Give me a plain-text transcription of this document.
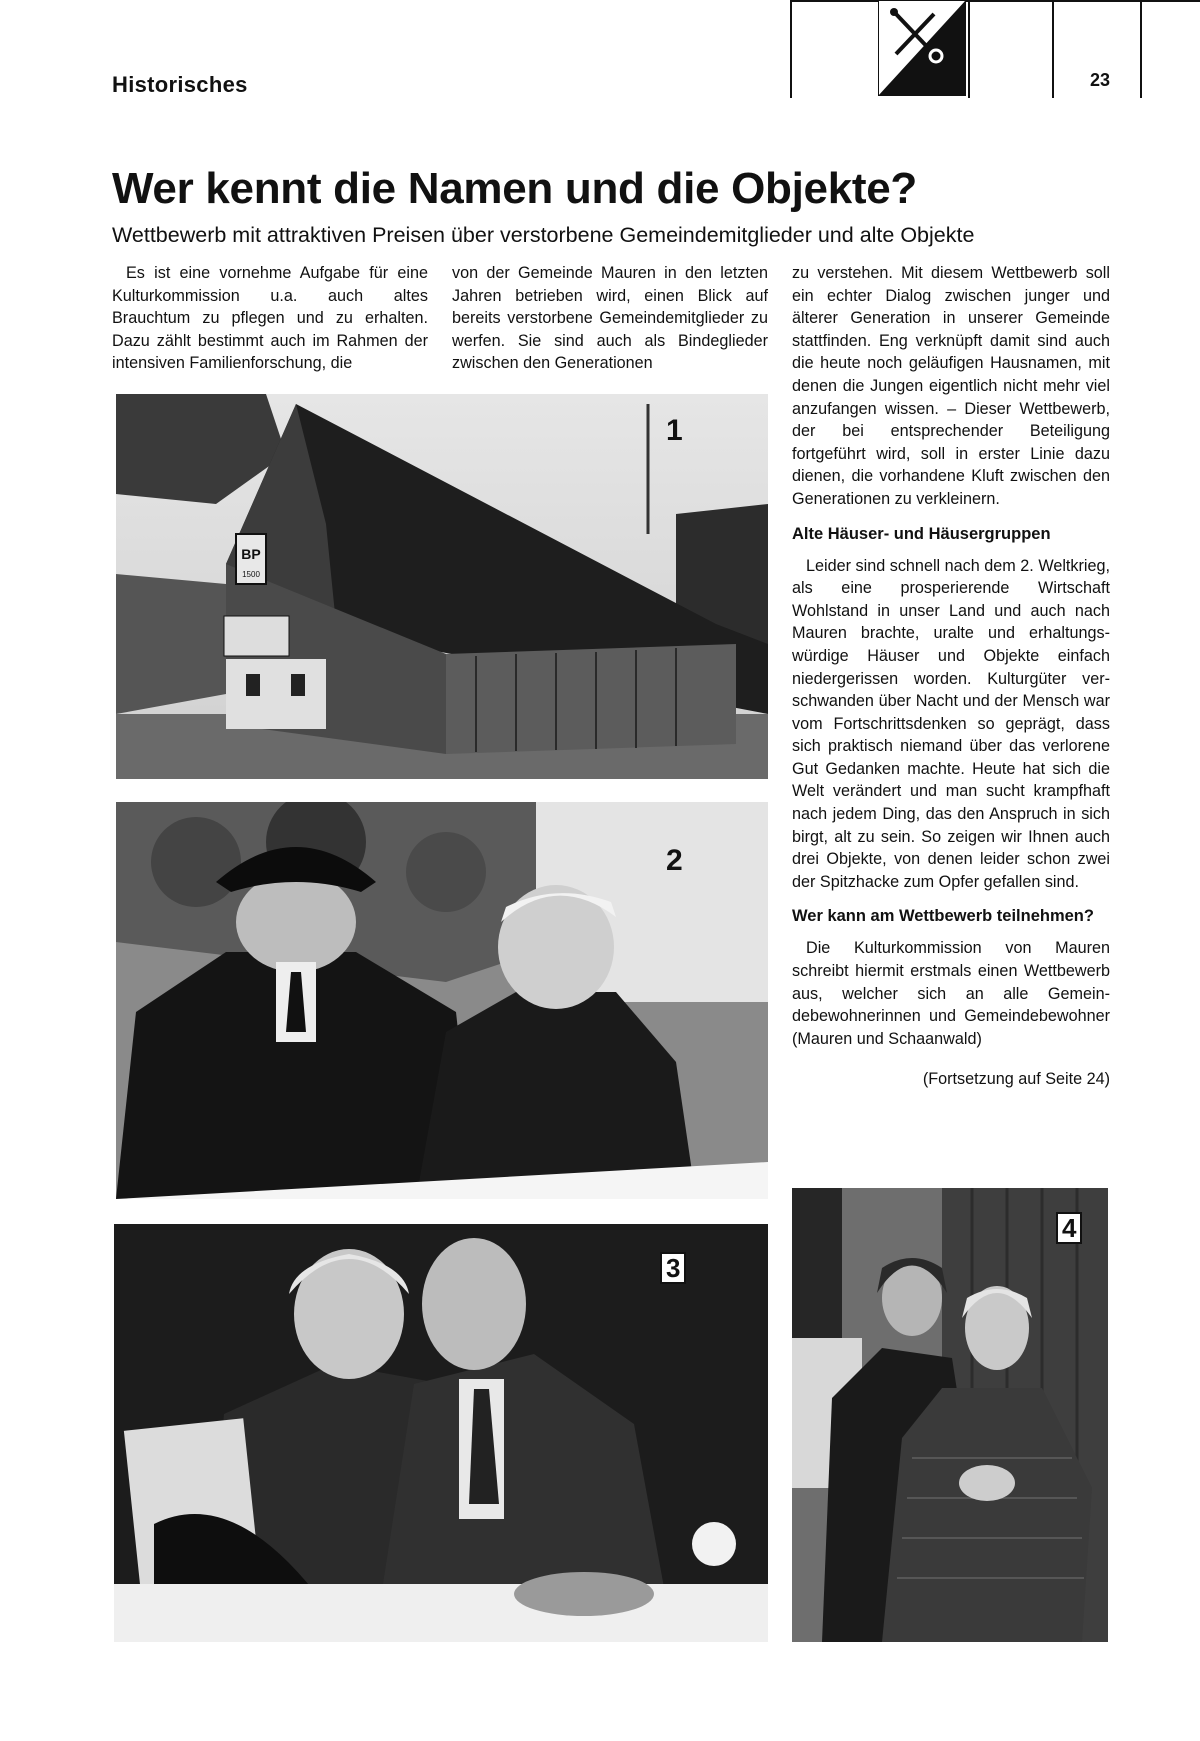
Historisches	23
Wer kennt die Namen und die Objekte?
Wettbewerb mit attraktiven Preisen über verstorbene Gemeindemitglieder und alte Objekte

Es ist eine vornehme Aufgabe für eine Kulturkommission u.a. auch altes Brauchtum zu pflegen und zu erhalten. Dazu zählt bestimmt auch im Rahmen der intensiven Familienforschung, die

von der Gemeinde Mauren in den letzten Jahren betrieben wird, einen Blick auf bereits verstorbene Gemeindemitglieder zu werfen. Sie sind auch als Bindeglieder zwischen den Generationen

zu verstehen. Mit diesem Wettbewerb soll ein echter Dialog zwischen junger und älterer Generation in unserer Gemeinde stattfinden. Eng verknüpft damit sind auch die heute noch geläufigen Hausnamen, mit denen die Jungen eigentlich nicht mehr viel anzufangen wissen. – Dieser Wettbewerb, der bei entsprechender Beteiligung fortgeführt wird, soll in erster Linie dazu dienen, die vorhandene Kluft zwischen den Generationen zu verkleinern.

Alte Häuser- und Häusergruppen

Leider sind schnell nach dem 2. Weltkrieg, als eine prosperierende Wirtschaft Wohlstand in unser Land und auch nach Mauren brachte, uralte und erhaltungswürdige Häuser und Objekte einfach niedergerissen worden. Kulturgüter verschwanden über Nacht und der Mensch war vom Fortschrittsdenken so geprägt, dass sich praktisch niemand über das verlorene Gut Gedanken machte. Heute hat sich die Welt verändert und man sucht krampfhaft nach jedem Ding, das den Anspruch in sich birgt, alt zu sein. So zeigen wir Ihnen auch drei Objekte, von denen leider schon zwei der Spitzhacke zum Opfer gefallen sind.

Wer kann am Wettbewerb teilnehmen?

Die Kulturkommission von Mauren schreibt hiermit erstmals einen Wettbewerb aus, welcher sich an alle Gemeindebewohnerinnen und Gemeindebewohner (Mauren und Schaanwald)

(Fortsetzung auf Seite 24)

BP
1500
1
2
3
4
